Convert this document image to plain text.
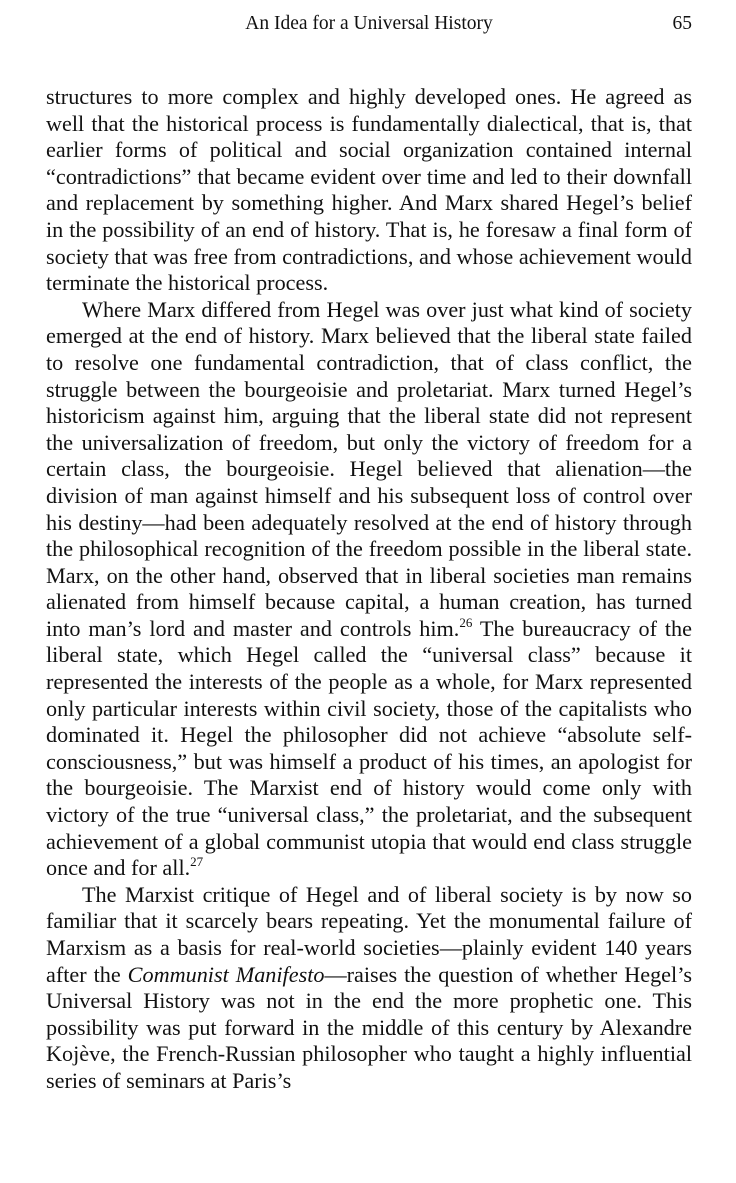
An Idea for a Universal History	65

structures to more complex and highly developed ones. He agreed as well that the historical process is fundamentally dialectical, that is, that earlier forms of political and social organization contained internal “contradictions” that became evident over time and led to their downfall and replacement by something higher. And Marx shared Hegel’s belief in the possibility of an end of history. That is, he foresaw a final form of society that was free from contradictions, and whose achievement would terminate the historical process.

Where Marx differed from Hegel was over just what kind of society emerged at the end of history. Marx believed that the liberal state failed to resolve one fundamental contradiction, that of class conflict, the struggle between the bourgeoisie and proletariat. Marx turned Hegel’s historicism against him, arguing that the liberal state did not represent the universalization of freedom, but only the victory of freedom for a certain class, the bourgeoisie. Hegel believed that alienation—the division of man against himself and his subsequent loss of control over his destiny—had been adequately resolved at the end of history through the philosophical recognition of the freedom possible in the liberal state. Marx, on the other hand, observed that in liberal societies man remains alienated from himself because capital, a human creation, has turned into man’s lord and master and controls him.$^{26}$ The bureaucracy of the liberal state, which Hegel called the “universal class” because it represented the interests of the people as a whole, for Marx represented only particular interests within civil society, those of the capitalists who dominated it. Hegel the philosopher did not achieve “absolute self-consciousness,” but was himself a product of his times, an apologist for the bourgeoisie. The Marxist end of history would come only with victory of the true “universal class,” the proletariat, and the subsequent achievement of a global communist utopia that would end class struggle once and for all.$^{27}$

The Marxist critique of Hegel and of liberal society is by now so familiar that it scarcely bears repeating. Yet the monumental failure of Marxism as a basis for real-world societies—plainly evident 140 years after the Communist Manifesto—raises the question of whether Hegel’s Universal History was not in the end the more prophetic one. This possibility was put forward in the middle of this century by Alexandre Kojève, the French-Russian philosopher who taught a highly influential series of seminars at Paris’s
